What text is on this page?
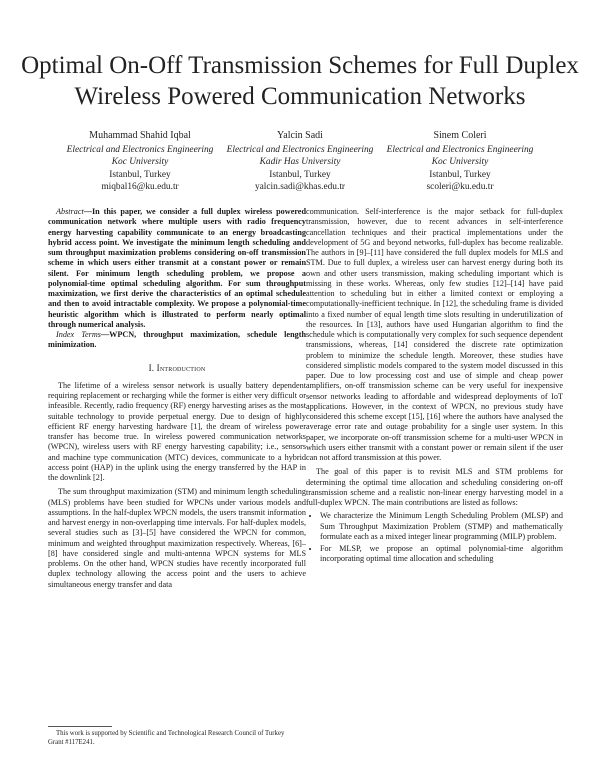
Optimal On-Off Transmission Schemes for Full Duplex Wireless Powered Communication Networks
Muhammad Shahid Iqbal
Electrical and Electronics Engineering
Koc University
Istanbul, Turkey
miqbal16@ku.edu.tr
Yalcin Sadi
Electrical and Electronics Engineering
Kadir Has University
Istanbul, Turkey
yalcin.sadi@khas.edu.tr
Sinem Coleri
Electrical and Electronics Engineering
Koc University
Istanbul, Turkey
scoleri@ku.edu.tr

Abstract—In this paper, we consider a full duplex wireless powered communication network where multiple users with radio frequency energy harvesting capability communicate to an energy broadcasting hybrid access point. We investigate the minimum length scheduling and sum throughput maximization problems considering on-off transmission scheme in which users either transmit at a constant power or remain silent. For minimum length scheduling problem, we propose a polynomial-time optimal scheduling algorithm. For sum throughput maximization, we first derive the characteristics of an optimal schedule and then to avoid intractable complexity. We propose a polynomial-time heuristic algorithm which is illustrated to perform nearly optimal through numerical analysis.

Index Terms—WPCN, throughput maximization, schedule length minimization.

I. Introduction

The lifetime of a wireless sensor network is usually battery dependent requiring replacement or recharging while the former is either very difficult or infeasible. Recently, radio frequency (RF) energy harvesting arises as the most suitable technology to provide perpetual energy. Due to design of highly efficient RF energy harvesting hardware [1], the dream of wireless power transfer has become true. In wireless powered communication networks (WPCN), wireless users with RF energy harvesting capability; i.e., sensors and machine type communication (MTC) devices, communicate to a hybrid access point (HAP) in the uplink using the energy transferred by the HAP in the downlink [2].

The sum throughput maximization (STM) and minimum length scheduling (MLS) problems have been studied for WPCNs under various models and assumptions. In the half-duplex WPCN models, the users transmit information and harvest energy in non-overlapping time intervals. For half-duplex models, several studies such as [3]–[5] have considered the WPCN for common, minimum and weighted throughput maximization respectively. Whereas, [6]–[8] have considered single and multi-antenna WPCN systems for MLS problems. On the other hand, WPCN studies have recently incorporated full duplex technology allowing the access point and the users to achieve simultaneous energy transfer and data

communication. Self-interference is the major setback for full-duplex transmission, however, due to recent advances in self-interference cancellation techniques and their practical implementations under the development of 5G and beyond networks, full-duplex has become realizable. The authors in [9]–[11] have considered the full duplex models for MLS and STM. Due to full duplex, a wireless user can harvest energy during both its own and other users transmission, making scheduling important which is missing in these works. Whereas, only few studies [12]–[14] have paid attention to scheduling but in either a limited context or employing a computationally-inefficient technique. In [12], the scheduling frame is divided into a fixed number of equal length time slots resulting in underutilization of the resources. In [13], authors have used Hungarian algorithm to find the schedule which is computationally very complex for such sequence dependent transmissions, whereas, [14] considered the discrete rate optimization problem to minimize the schedule length. Moreover, these studies have considered simplistic models compared to the system model discussed in this paper. Due to low processing cost and use of simple and cheap power amplifiers, on-off transmission scheme can be very useful for inexpensive sensor networks leading to affordable and widespread deployments of IoT applications. However, in the context of WPCN, no previous study have considered this scheme except [15], [16] where the authors have analysed the average error rate and outage probability for a single user system. In this paper, we incorporate on-off transmission scheme for a multi-user WPCN in which users either transmit with a constant power or remain silent if the user can not afford transmission at this power.

The goal of this paper is to revisit MLS and STM problems for determining the optimal time allocation and scheduling considering on-off transmission scheme and a realistic non-linear energy harvesting model in a full-duplex WPCN. The main contributions are listed as follows:

• We characterize the Minimum Length Scheduling Problem (MLSP) and Sum Throughput Maximization Problem (STMP) and mathematically formulate each as a mixed integer linear programming (MILP) problem.
• For MLSP, we propose an optimal polynomial-time algorithm incorporating optimal time allocation and scheduling
This work is supported by Scientific and Technological Research Council of Turkey Grant #117E241.
